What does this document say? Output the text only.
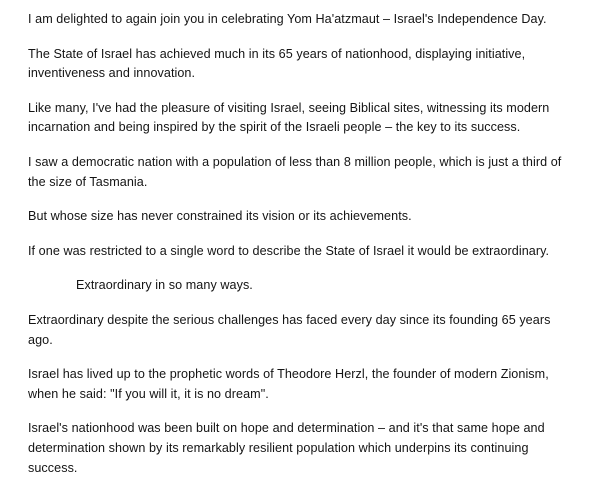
I am delighted to again join you in celebrating Yom Ha'atzmaut – Israel's Independence Day.

The State of Israel has achieved much in its 65 years of nationhood, displaying initiative, inventiveness and innovation.

Like many, I've had the pleasure of visiting Israel, seeing Biblical sites, witnessing its modern incarnation and being inspired by the spirit of the Israeli people – the key to its success.

I saw a democratic nation with a population of less than 8 million people, which is just a third of the size of Tasmania.

But whose size has never constrained its vision or its achievements.

If one was restricted to a single word to describe the State of Israel it would be extraordinary.

Extraordinary in so many ways.

Extraordinary despite the serious challenges has faced every day since its founding 65 years ago.

Israel has lived up to the prophetic words of Theodore Herzl, the founder of modern Zionism, when he said: "If you will it, it is no dream".

Israel's nationhood was been built on hope and determination – and it's that same hope and determination shown by its remarkably resilient population which underpins its continuing success.
